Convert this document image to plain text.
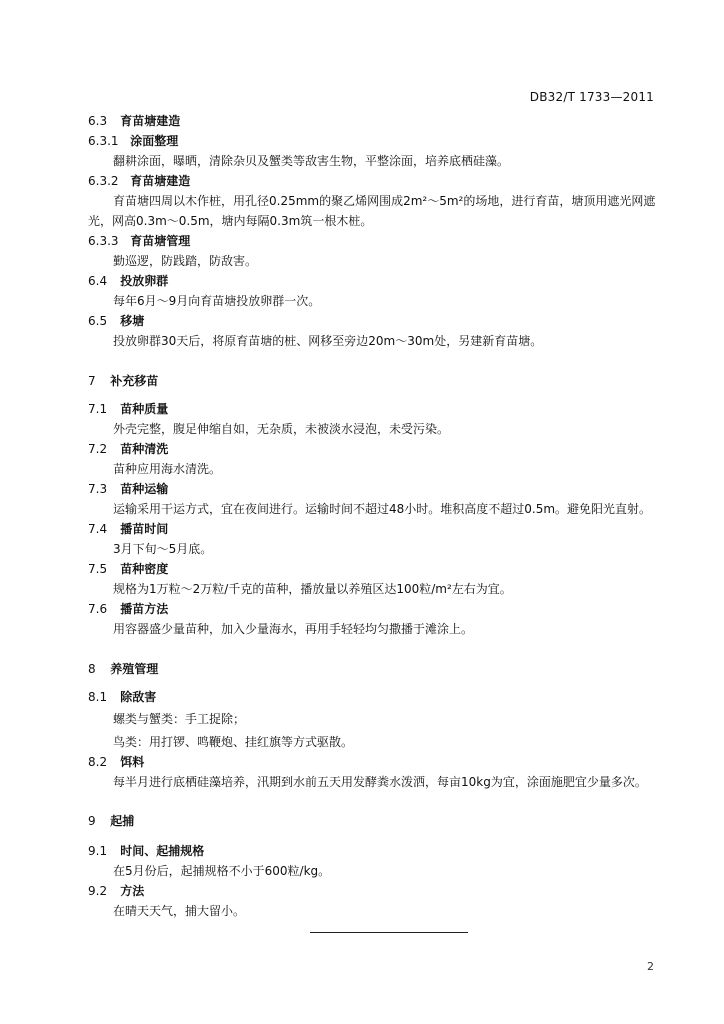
DB32/T 1733—2011
6.3 育苗塘建造
6.3.1 涂面整理
翻耕涂面，曝晒，清除杂贝及蟹类等敌害生物，平整涂面，培养底栖硅藻。
6.3.2 育苗塘建造
育苗塘四周以木作桩，用孔径0.25mm的聚乙烯网围成2m²～5m²的场地，进行育苗，塘顶用遮光网遮
光，网高0.3m～0.5m，塘内每隔0.3m筑一根木桩。
6.3.3 育苗塘管理
勤巡逻，防践踏，防敌害。
6.4 投放卵群
每年6月～9月向育苗塘投放卵群一次。
6.5 移塘
投放卵群30天后，将原育苗塘的桩、网移至旁边20m～30m处，另建新育苗塘。
7 补充移苗
7.1 苗种质量
外壳完整，腹足伸缩自如，无杂质，未被淡水浸泡，未受污染。
7.2 苗种清洗
苗种应用海水清洗。
7.3 苗种运输
运输采用干运方式，宜在夜间进行。运输时间不超过48小时。堆积高度不超过0.5m。避免阳光直射。
7.4 播苗时间
3月下旬～5月底。
7.5 苗种密度
规格为1万粒～2万粒/千克的苗种，播放量以养殖区达100粒/m²左右为宜。
7.6 播苗方法
用容器盛少量苗种，加入少量海水，再用手轻轻均匀撒播于滩涂上。
8 养殖管理
8.1 除敌害
螺类与蟹类：手工捉除；
鸟类：用打锣、鸣鞭炮、挂红旗等方式驱散。
8.2 饵料
每半月进行底栖硅藻培养，汛期到水前五天用发酵粪水泼洒，每亩10kg为宜，涂面施肥宜少量多次。
9 起捕
9.1 时间、起捕规格
在5月份后，起捕规格不小于600粒/kg。
9.2 方法
在晴天天气，捕大留小。
2
